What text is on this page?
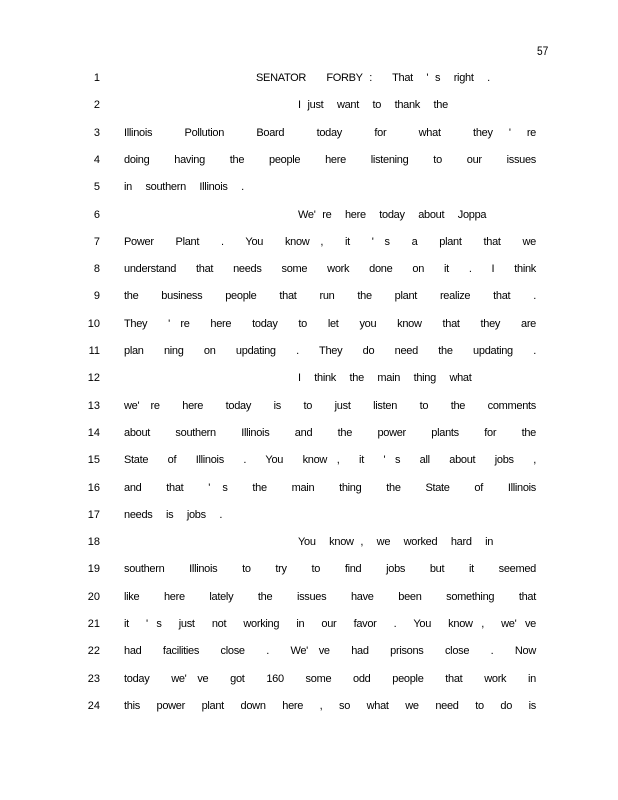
57
1	SENATOR   FORBY :   That  ' s  right  .
2	I just  want  to  thank  the
3 Illinois  Pollution  Board  today  for  what  they ' re
4 doing  having  the  people  here  listening  to  our  issues
5 in  southern  Illinois  .
6	We' re  here  today  about  Joppa
7 Power  Plant  .  You  know ,  it  ' s  a  plant  that  we
8 understand  that  needs  some  work  done  on  it  .  I  think
9 the  business  people  that  run  the  plant  realize  that  .
10 They  ' re  here  today  to  let  you  know  that  they  are
11 plan  ning  on  updating  .  They  do  need  the  updating  .
12	I  think  the  main  thing  what
13 we' re  here  today  is  to  just  listen  to  the  comments
14 about  southern  Illinois  and  the  power  plants  for  the
15 State  of  Illinois  .  You  know ,  it  ' s  all  about  jobs  ,
16 and  that  ' s  the  main  thing  the  State  of  Illinois
17 needs  is  jobs  .
18	You  know ,  we  worked  hard  in
19 southern  Illinois  to  try  to  find  jobs  but  it  seemed
20 like  here  lately  the  issues  have  been  something  that
21 it  ' s  just  not  working  in  our  favor  .  You  know ,  we' ve
22 had  facilities  close  .  We' ve  had  prisons  close  .  Now
23 today  we' ve  got  160  some  odd  people  that  work  in
24 this  power  plant  down  here  ,  so  what  we  need  to  do  is
